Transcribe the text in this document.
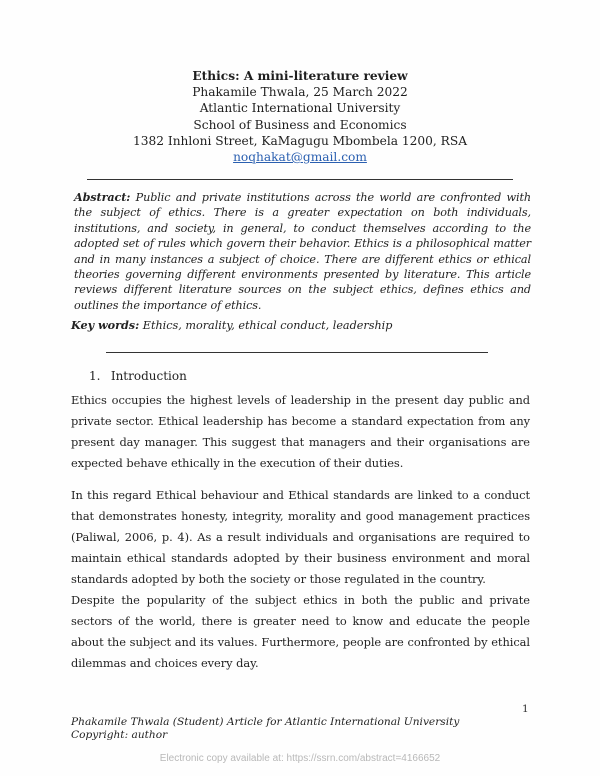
Ethics: A mini-literature review
Phakamile Thwala, 25 March 2022
Atlantic International University
School of Business and Economics
1382 Inhloni Street, KaMagugu Mbombela 1200, RSA
noqhakat@gmail.com
Abstract: Public and private institutions across the world are confronted with the subject of ethics. There is a greater expectation on both individuals, institutions, and society, in general, to conduct themselves according to the adopted set of rules which govern their behavior. Ethics is a philosophical matter and in many instances a subject of choice. There are different ethics or ethical theories governing different environments presented by literature. This article reviews different literature sources on the subject ethics, defines ethics and outlines the importance of ethics.
Key words: Ethics, morality, ethical conduct, leadership
1. Introduction
Ethics occupies the highest levels of leadership in the present day public and private sector. Ethical leadership has become a standard expectation from any present day manager. This suggest that managers and their organisations are expected behave ethically in the execution of their duties.
In this regard Ethical behaviour and Ethical standards are linked to a conduct that demonstrates honesty, integrity, morality and good management practices (Paliwal, 2006, p. 4). As a result individuals and organisations are required to maintain ethical standards adopted by their business environment and moral standards adopted by both the society or those regulated in the country.
Despite the popularity of the subject ethics in both the public and private sectors of the world, there is greater need to know and educate the people about the subject and its values. Furthermore, people are confronted by ethical dilemmas and choices every day.
1
Phakamile Thwala (Student) Article for Atlantic International University
Copyright: author
Electronic copy available at: https://ssrn.com/abstract=4166652
